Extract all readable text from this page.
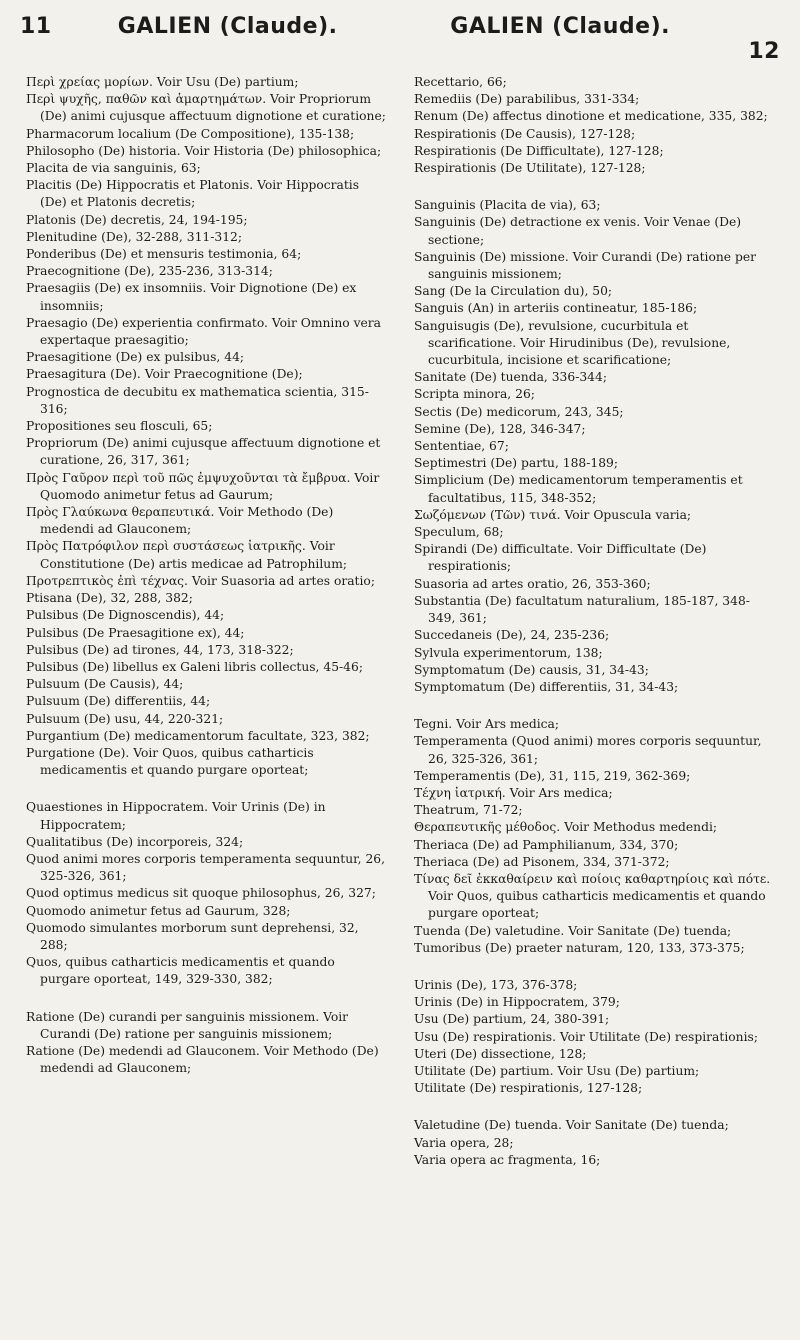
11	GALIEN (Claude).	GALIEN (Claude). 12
Περὶ χρείας μορίων. Voir Usu (De) partium;
Περὶ ψυχῆς, παθῶν καὶ ἁμαρτημάτων. Voir Propriorum (De) animi cujusque affectuum dignotione et curatione;
Pharmacorum localium (De Compositione), 135-138;
Philosopho (De) historia. Voir Historia (De) philosophica;
Placita de via sanguinis, 63;
Placitis (De) Hippocratis et Platonis. Voir Hippocratis (De) et Platonis decretis;
Platonis (De) decretis, 24, 194-195;
Plenitudine (De), 32-288, 311-312;
Ponderibus (De) et mensuris testimonia, 64;
Praecognitione (De), 235-236, 313-314;
Praesagiis (De) ex insomniis. Voir Dignotione (De) ex insomniis;
Praesagio (De) experientia confirmato. Voir Omnino vera expertaque praesagitio;
Praesagitione (De) ex pulsibus, 44;
Praesagitura (De). Voir Praecognitione (De);
Prognostica de decubitu ex mathematica scientia, 315-316;
Propositiones seu flosculi, 65;
Propriorum (De) animi cujusque affectuum dignotione et curatione, 26, 317, 361;
Πρὸς Γαῦρον περὶ τοῦ πῶς ἐμψυχοῦνται τὰ ἔμβρυα. Voir Quomodo animetur fetus ad Gaurum;
Πρὸς Γλαύκωνα θεραπευτικά. Voir Methodo (De) medendi ad Glauconem;
Πρὸς Πατρόφιλον περὶ συστάσεως ἰατρικῆς. Voir Constitutione (De) artis medicae ad Patrophilum;
Προτρεπτικὸς ἐπὶ τέχνας. Voir Suasoria ad artes oratio;
Ptisana (De), 32, 288, 382;
Pulsibus (De Dignoscendis), 44;
Pulsibus (De Praesagitione ex), 44;
Pulsibus (De) ad tirones, 44, 173, 318-322;
Pulsibus (De) libellus ex Galeni libris collectus, 45-46;
Pulsuum (De Causis), 44;
Pulsuum (De) differentiis, 44;
Pulsuum (De) usu, 44, 220-321;
Purgantium (De) medicamentorum facultate, 323, 382;
Purgatione (De). Voir Quos, quibus catharticis medicamentis et quando purgare oporteat;
Quaestiones in Hippocratem. Voir Urinis (De) in Hippocratem;
Qualitatibus (De) incorporeis, 324;
Quod animi mores corporis temperamenta sequuntur, 26, 325-326, 361;
Quod optimus medicus sit quoque philosophus, 26, 327;
Quomodo animetur fetus ad Gaurum, 328;
Quomodo simulantes morborum sunt deprehensi, 32, 288;
Quos, quibus catharticis medicamentis et quando purgare oporteat, 149, 329-330, 382;
Ratione (De) curandi per sanguinis missionem. Voir Curandi (De) ratione per sanguinis missionem;
Ratione (De) medendi ad Glauconem. Voir Methodo (De) medendi ad Glauconem;
Recettario, 66;
Remediis (De) parabilibus, 331-334;
Renum (De) affectus dinotione et medicatione, 335, 382;
Respirationis (De Causis), 127-128;
Respirationis (De Difficultate), 127-128;
Respirationis (De Utilitate), 127-128;
Sanguinis (Placita de via), 63;
Sanguinis (De) detractione ex venis. Voir Venae (De) sectione;
Sanguinis (De) missione. Voir Curandi (De) ratione per sanguinis missionem;
Sang (De la Circulation du), 50;
Sanguis (An) in arteriis contineatur, 185-186;
Sanguisugis (De), revulsione, cucurbitula et scarificatione. Voir Hirudinibus (De), revulsione, cucurbitula, incisione et scarificatione;
Sanitate (De) tuenda, 336-344;
Scripta minora, 26;
Sectis (De) medicorum, 243, 345;
Semine (De), 128, 346-347;
Sententiae, 67;
Septimestri (De) partu, 188-189;
Simplicium (De) medicamentorum temperamentis et facultatibus, 115, 348-352;
Σωζόμενων (Τῶν) τινά. Voir Opuscula varia;
Speculum, 68;
Spirandi (De) difficultate. Voir Difficultate (De) respirationis;
Suasoria ad artes oratio, 26, 353-360;
Substantia (De) facultatum naturalium, 185-187, 348-349, 361;
Succedaneis (De), 24, 235-236;
Sylvula experimentorum, 138;
Symptomatum (De) causis, 31, 34-43;
Symptomatum (De) differentiis, 31, 34-43;
Tegni. Voir Ars medica;
Temperamenta (Quod animi) mores corporis sequuntur, 26, 325-326, 361;
Temperamentis (De), 31, 115, 219, 362-369;
Τέχνη ἰατρική. Voir Ars medica;
Theatrum, 71-72;
Θεραπευτικῆς μέθοδος. Voir Methodus medendi;
Theriaca (De) ad Pamphilianum, 334, 370;
Theriaca (De) ad Pisonem, 334, 371-372;
Τίνας δεῖ ἐκκαθαίρειν καὶ ποίοις καθαρτηρίοις καὶ πότε. Voir Quos, quibus catharticis medicamentis et quando purgare oporteat;
Tuenda (De) valetudine. Voir Sanitate (De) tuenda;
Tumoribus (De) praeter naturam, 120, 133, 373-375;
Urinis (De), 173, 376-378;
Urinis (De) in Hippocratem, 379;
Usu (De) partium, 24, 380-391;
Usu (De) respirationis. Voir Utilitate (De) respirationis;
Uteri (De) dissectione, 128;
Utilitate (De) partium. Voir Usu (De) partium;
Utilitate (De) respirationis, 127-128;
Valetudine (De) tuenda. Voir Sanitate (De) tuenda;
Varia opera, 28;
Varia opera ac fragmenta, 16;
